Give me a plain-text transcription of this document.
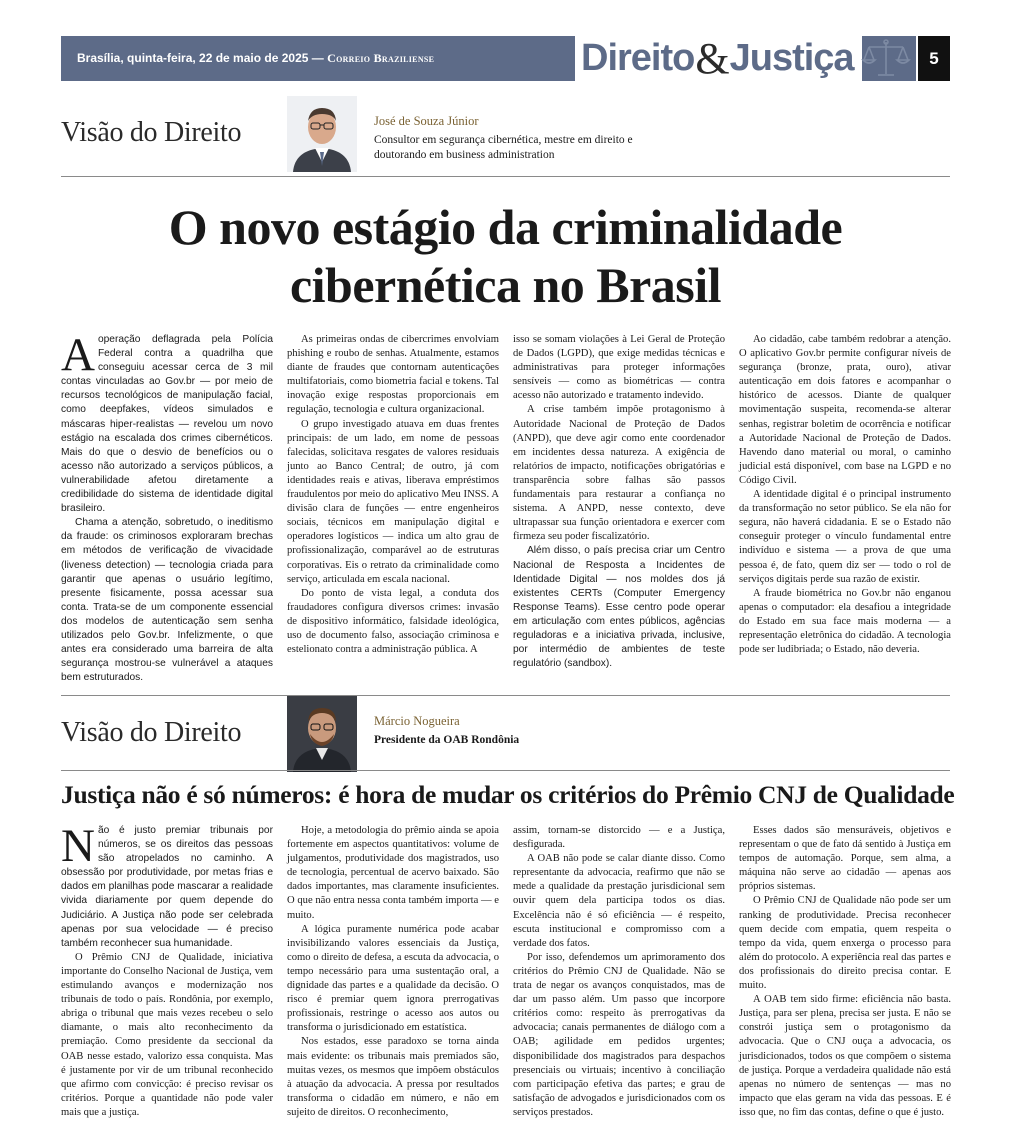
Brasília, quinta-feira, 22 de maio de 2025 — Correio Braziliense	Direito & Justiça	5
Visão do Direito	José de Souza Júnior
Consultor em segurança cibernética, mestre em direito e doutorando em business administration
O novo estágio da criminalidade
cibernética no Brasil

A operação deflagrada pela Polícia Federal contra a quadrilha que conseguiu acessar cerca de 3 mil contas vinculadas ao Gov.br — por meio de recursos tecnológicos de manipulação facial, como deepfakes, vídeos simulados e máscaras hiper-realistas — revelou um novo estágio na escalada dos crimes cibernéticos. Mais do que o desvio de benefícios ou o acesso não autorizado a serviços públicos, a vulnerabilidade afetou diretamente a credibilidade do sistema de identidade digital brasileiro.

Chama a atenção, sobretudo, o ineditismo da fraude: os criminosos exploraram brechas em métodos de verificação de vivacidade (liveness detection) — tecnologia criada para garantir que apenas o usuário legítimo, presente fisicamente, possa acessar sua conta. Trata-se de um componente essencial dos modelos de autenticação sem senha utilizados pelo Gov.br. Infelizmente, o que antes era considerado uma barreira de alta segurança mostrou-se vulnerável a ataques bem estruturados.

As primeiras ondas de cibercrimes envolviam phishing e roubo de senhas. Atualmente, estamos diante de fraudes que contornam autenticações multifatoriais, como biometria facial e tokens. Tal inovação exige respostas proporcionais em regulação, tecnologia e cultura organizacional.

O grupo investigado atuava em duas frentes principais: de um lado, em nome de pessoas falecidas, solicitava resgates de valores residuais junto ao Banco Central; de outro, já com identidades reais e ativas, liberava empréstimos fraudulentos por meio do aplicativo Meu INSS. A divisão clara de funções — entre engenheiros sociais, técnicos em manipulação digital e operadores logísticos — indica um alto grau de profissionalização, comparável ao de estruturas corporativas. Eis o retrato da criminalidade como serviço, articulada em escala nacional.

Do ponto de vista legal, a conduta dos fraudadores configura diversos crimes: invasão de dispositivo informático, falsidade ideológica, uso de documento falso, associação criminosa e estelionato contra a administração pública. A

isso se somam violações à Lei Geral de Proteção de Dados (LGPD), que exige medidas técnicas e administrativas para proteger informações sensíveis — como as biométricas — contra acesso não autorizado e tratamento indevido.

A crise também impõe protagonismo à Autoridade Nacional de Proteção de Dados (ANPD), que deve agir como ente coordenador em incidentes dessa natureza. A exigência de relatórios de impacto, notificações obrigatórias e transparência sobre falhas são passos fundamentais para restaurar a confiança no sistema. A ANPD, nesse contexto, deve ultrapassar sua função orientadora e exercer com firmeza seu poder fiscalizatório.

Além disso, o país precisa criar um Centro Nacional de Resposta a Incidentes de Identidade Digital — nos moldes dos já existentes CERTs (Computer Emergency Response Teams). Esse centro pode operar em articulação com entes públicos, agências reguladoras e a iniciativa privada, inclusive, por intermédio de ambientes de teste regulatório (sandbox).

Ao cidadão, cabe também redobrar a atenção. O aplicativo Gov.br permite configurar níveis de segurança (bronze, prata, ouro), ativar autenticação em dois fatores e acompanhar o histórico de acessos. Diante de qualquer movimentação suspeita, recomenda-se alterar senhas, registrar boletim de ocorrência e notificar a Autoridade Nacional de Proteção de Dados. Havendo dano material ou moral, o caminho judicial está disponível, com base na LGPD e no Código Civil.

A identidade digital é o principal instrumento da transformação no setor público. Se ela não for segura, não haverá cidadania. E se o Estado não conseguir proteger o vínculo fundamental entre indivíduo e sistema — a prova de que uma pessoa é, de fato, quem diz ser — todo o rol de serviços digitais perde sua razão de existir.

A fraude biométrica no Gov.br não enganou apenas o computador: ela desafiou a integridade do Estado em sua face mais moderna — a representação eletrônica do cidadão. A tecnologia pode ser ludibriada; o Estado, não deveria.

Visão do Direito	Márcio Nogueira
Presidente da OAB Rondônia
Justiça não é só números: é hora de mudar os critérios do Prêmio CNJ de Qualidade

Não é justo premiar tribunais por números, se os direitos das pessoas são atropelados no caminho. A obsessão por produtividade, por metas frias e dados em planilhas pode mascarar a realidade vivida diariamente por quem depende do Judiciário. A Justiça não pode ser celebrada apenas por sua velocidade — é preciso também reconhecer sua humanidade.

O Prêmio CNJ de Qualidade, iniciativa importante do Conselho Nacional de Justiça, vem estimulando avanços e modernização nos tribunais de todo o país. Rondônia, por exemplo, abriga o tribunal que mais vezes recebeu o selo diamante, o mais alto reconhecimento da premiação. Como presidente da seccional da OAB nesse estado, valorizo essa conquista. Mas é justamente por vir de um tribunal reconhecido que afirmo com convicção: é preciso revisar os critérios. Porque a quantidade não pode valer mais que a justiça.

Hoje, a metodologia do prêmio ainda se apoia fortemente em aspectos quantitativos: volume de julgamentos, produtividade dos magistrados, uso de tecnologia, percentual de acervo baixado. São dados importantes, mas claramente insuficientes. O que não entra nessa conta também importa — e muito.

A lógica puramente numérica pode acabar invisibilizando valores essenciais da Justiça, como o direito de defesa, a escuta da advocacia, o tempo necessário para uma sustentação oral, a dignidade das partes e a qualidade da decisão. O risco é premiar quem ignora prerrogativas profissionais, restringe o acesso aos autos ou transforma o jurisdicionado em estatística.

Nos estados, esse paradoxo se torna ainda mais evidente: os tribunais mais premiados são, muitas vezes, os mesmos que impõem obstáculos à atuação da advocacia. A pressa por resultados transforma o cidadão em número, e não em sujeito de direitos. O reconhecimento,

assim, tornam-se distorcido — e a Justiça, desfigurada.

A OAB não pode se calar diante disso. Como representante da advocacia, reafirmo que não se mede a qualidade da prestação jurisdicional sem ouvir quem dela participa todos os dias. Excelência não é só eficiência — é respeito, escuta institucional e compromisso com a verdade dos fatos.

Por isso, defendemos um aprimoramento dos critérios do Prêmio CNJ de Qualidade. Não se trata de negar os avanços conquistados, mas de dar um passo além. Um passo que incorpore critérios como: respeito às prerrogativas da advocacia; canais permanentes de diálogo com a OAB; agilidade em pedidos urgentes; disponibilidade dos magistrados para despachos presenciais ou virtuais; incentivo à conciliação com participação efetiva das partes; e grau de satisfação de advogados e jurisdicionados com os serviços prestados.

Esses dados são mensuráveis, objetivos e representam o que de fato dá sentido à Justiça em tempos de automação. Porque, sem alma, a máquina não serve ao cidadão — apenas aos próprios sistemas.

O Prêmio CNJ de Qualidade não pode ser um ranking de produtividade. Precisa reconhecer quem decide com empatia, quem respeita o tempo da vida, quem enxerga o processo para além do protocolo. A experiência real das partes e dos profissionais do direito precisa contar. E muito.

A OAB tem sido firme: eficiência não basta. Justiça, para ser plena, precisa ser justa. E não se constrói justiça sem o protagonismo da advocacia. Que o CNJ ouça a advocacia, os jurisdicionados, todos os que compõem o sistema de justiça. Porque a verdadeira qualidade não está apenas no número de sentenças — mas no impacto que elas geram na vida das pessoas. E é isso que, no fim das contas, define o que é justo.
